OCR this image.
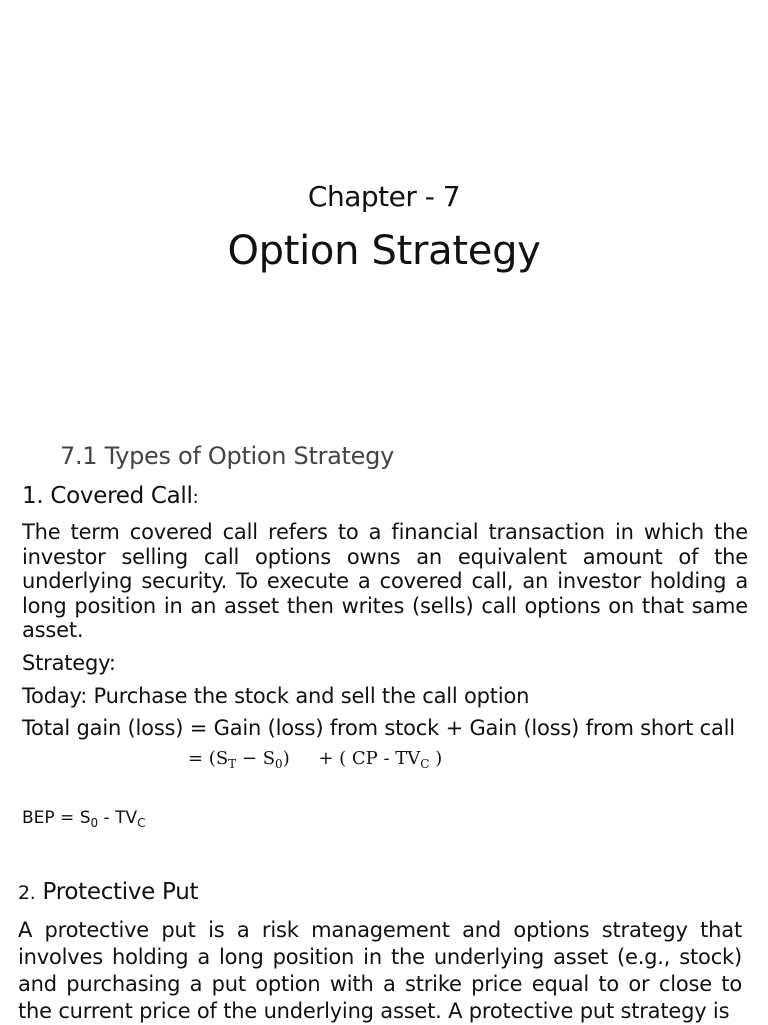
Chapter - 7
Option Strategy
7.1 Types of Option Strategy
1. Covered Call:
The term covered call refers to a financial transaction in which the investor selling call options owns an equivalent amount of the underlying security. To execute a covered call, an investor holding a long position in an asset then writes (sells) call options on that same asset.
Strategy:
Today: Purchase the stock and sell the call option
Total gain (loss) = Gain (loss) from stock + Gain (loss) from short call
= $(S_T - S_0)$     + ( CP - $TV_C$ )
BEP = $S_0 - TV_C$
2. Protective Put
A protective put is a risk management and options strategy that involves holding a long position in the underlying asset (e.g., stock) and purchasing a put option with a strike price equal to or close to the current price of the underlying asset. A protective put strategy is
